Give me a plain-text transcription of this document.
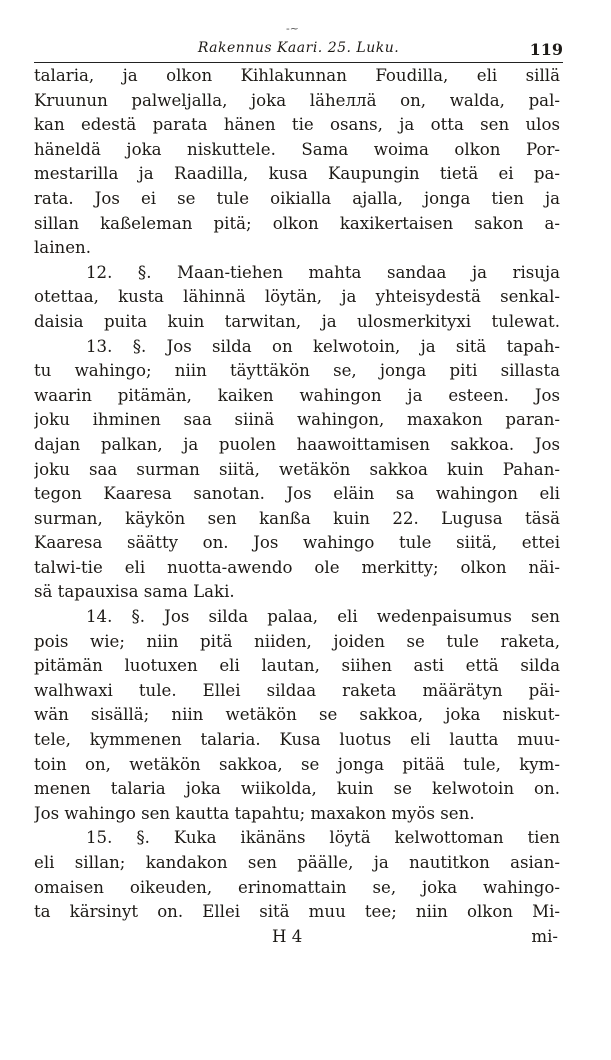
-~
Rakennus Kaari. 25. Luku.	119
talaria, ja olkon Kihlakunnan Foudilla, eli sillä
Kruunun palweljalla, joka läheллä on, walda, pal-
kan edestä parata hänen tie osans, ja otta sen ulos
häneldä joka niskuttele. Sama woima olkon Por-
mestarilla ja Raadilla, kusa Kaupungin tietä ei pa-
rata. Jos ei se tule oikialla ajalla, jonga tien ja
sillan kaßeleman pitä; olkon kaxikertaisen sakon a-
lainen.
12. §. Maan-tiehen mahta sandaa ja risuja
otettaa, kusta lähinnä löytän, ja yhteisydestä senkal-
daisia puita kuin tarwitan, ja ulosmerkityxi tulewat.
13. §. Jos silda on kelwotoin, ja sitä tapah-
tu wahingo; niin täyttäkön se, jonga piti sillasta
waarin pitämän, kaiken wahingon ja esteen. Jos
joku ihminen saa siinä wahingon, maxakon paran-
dajan palkan, ja puolen haawoittamisen sakkoa. Jos
joku saa surman siitä, wetäkön sakkoa kuin Pahan-
tegon Kaaresa sanotan. Jos eläin sa wahingon eli
surman, käykön sen kanßa kuin 22. Lugusa täsä
Kaaresa säätty on. Jos wahingo tule siitä, ettei
talwi-tie eli nuotta-awendo ole merkitty; olkon näi-
sä tapauxisa sama Laki.
14. §. Jos silda palaa, eli wedenpaisumus sen
pois wie; niin pitä niiden, joiden se tule raketa,
pitämän luotuxen eli lautan, siihen asti että silda
walhwaxi tule. Ellei sildaa raketa määrätyn päi-
wän sisällä; niin wetäkön se sakkoa, joka niskut-
tele, kymmenen talaria. Kusa luotus eli lautta muu-
toin on, wetäkön sakkoa, se jonga pitää tule, kym-
menen talaria joka wiikolda, kuin se kelwotoin on.
Jos wahingo sen kautta tapahtu; maxakon myös sen.
15. §. Kuka ikänäns löytä kelwottoman tien
eli sillan; kandakon sen päälle, ja nautitkon asian-
omaisen oikeuden, erinomattain se, joka wahingo-
ta kärsinyt on. Ellei sitä muu tee; niin olkon Mi-
H 4	mi-
